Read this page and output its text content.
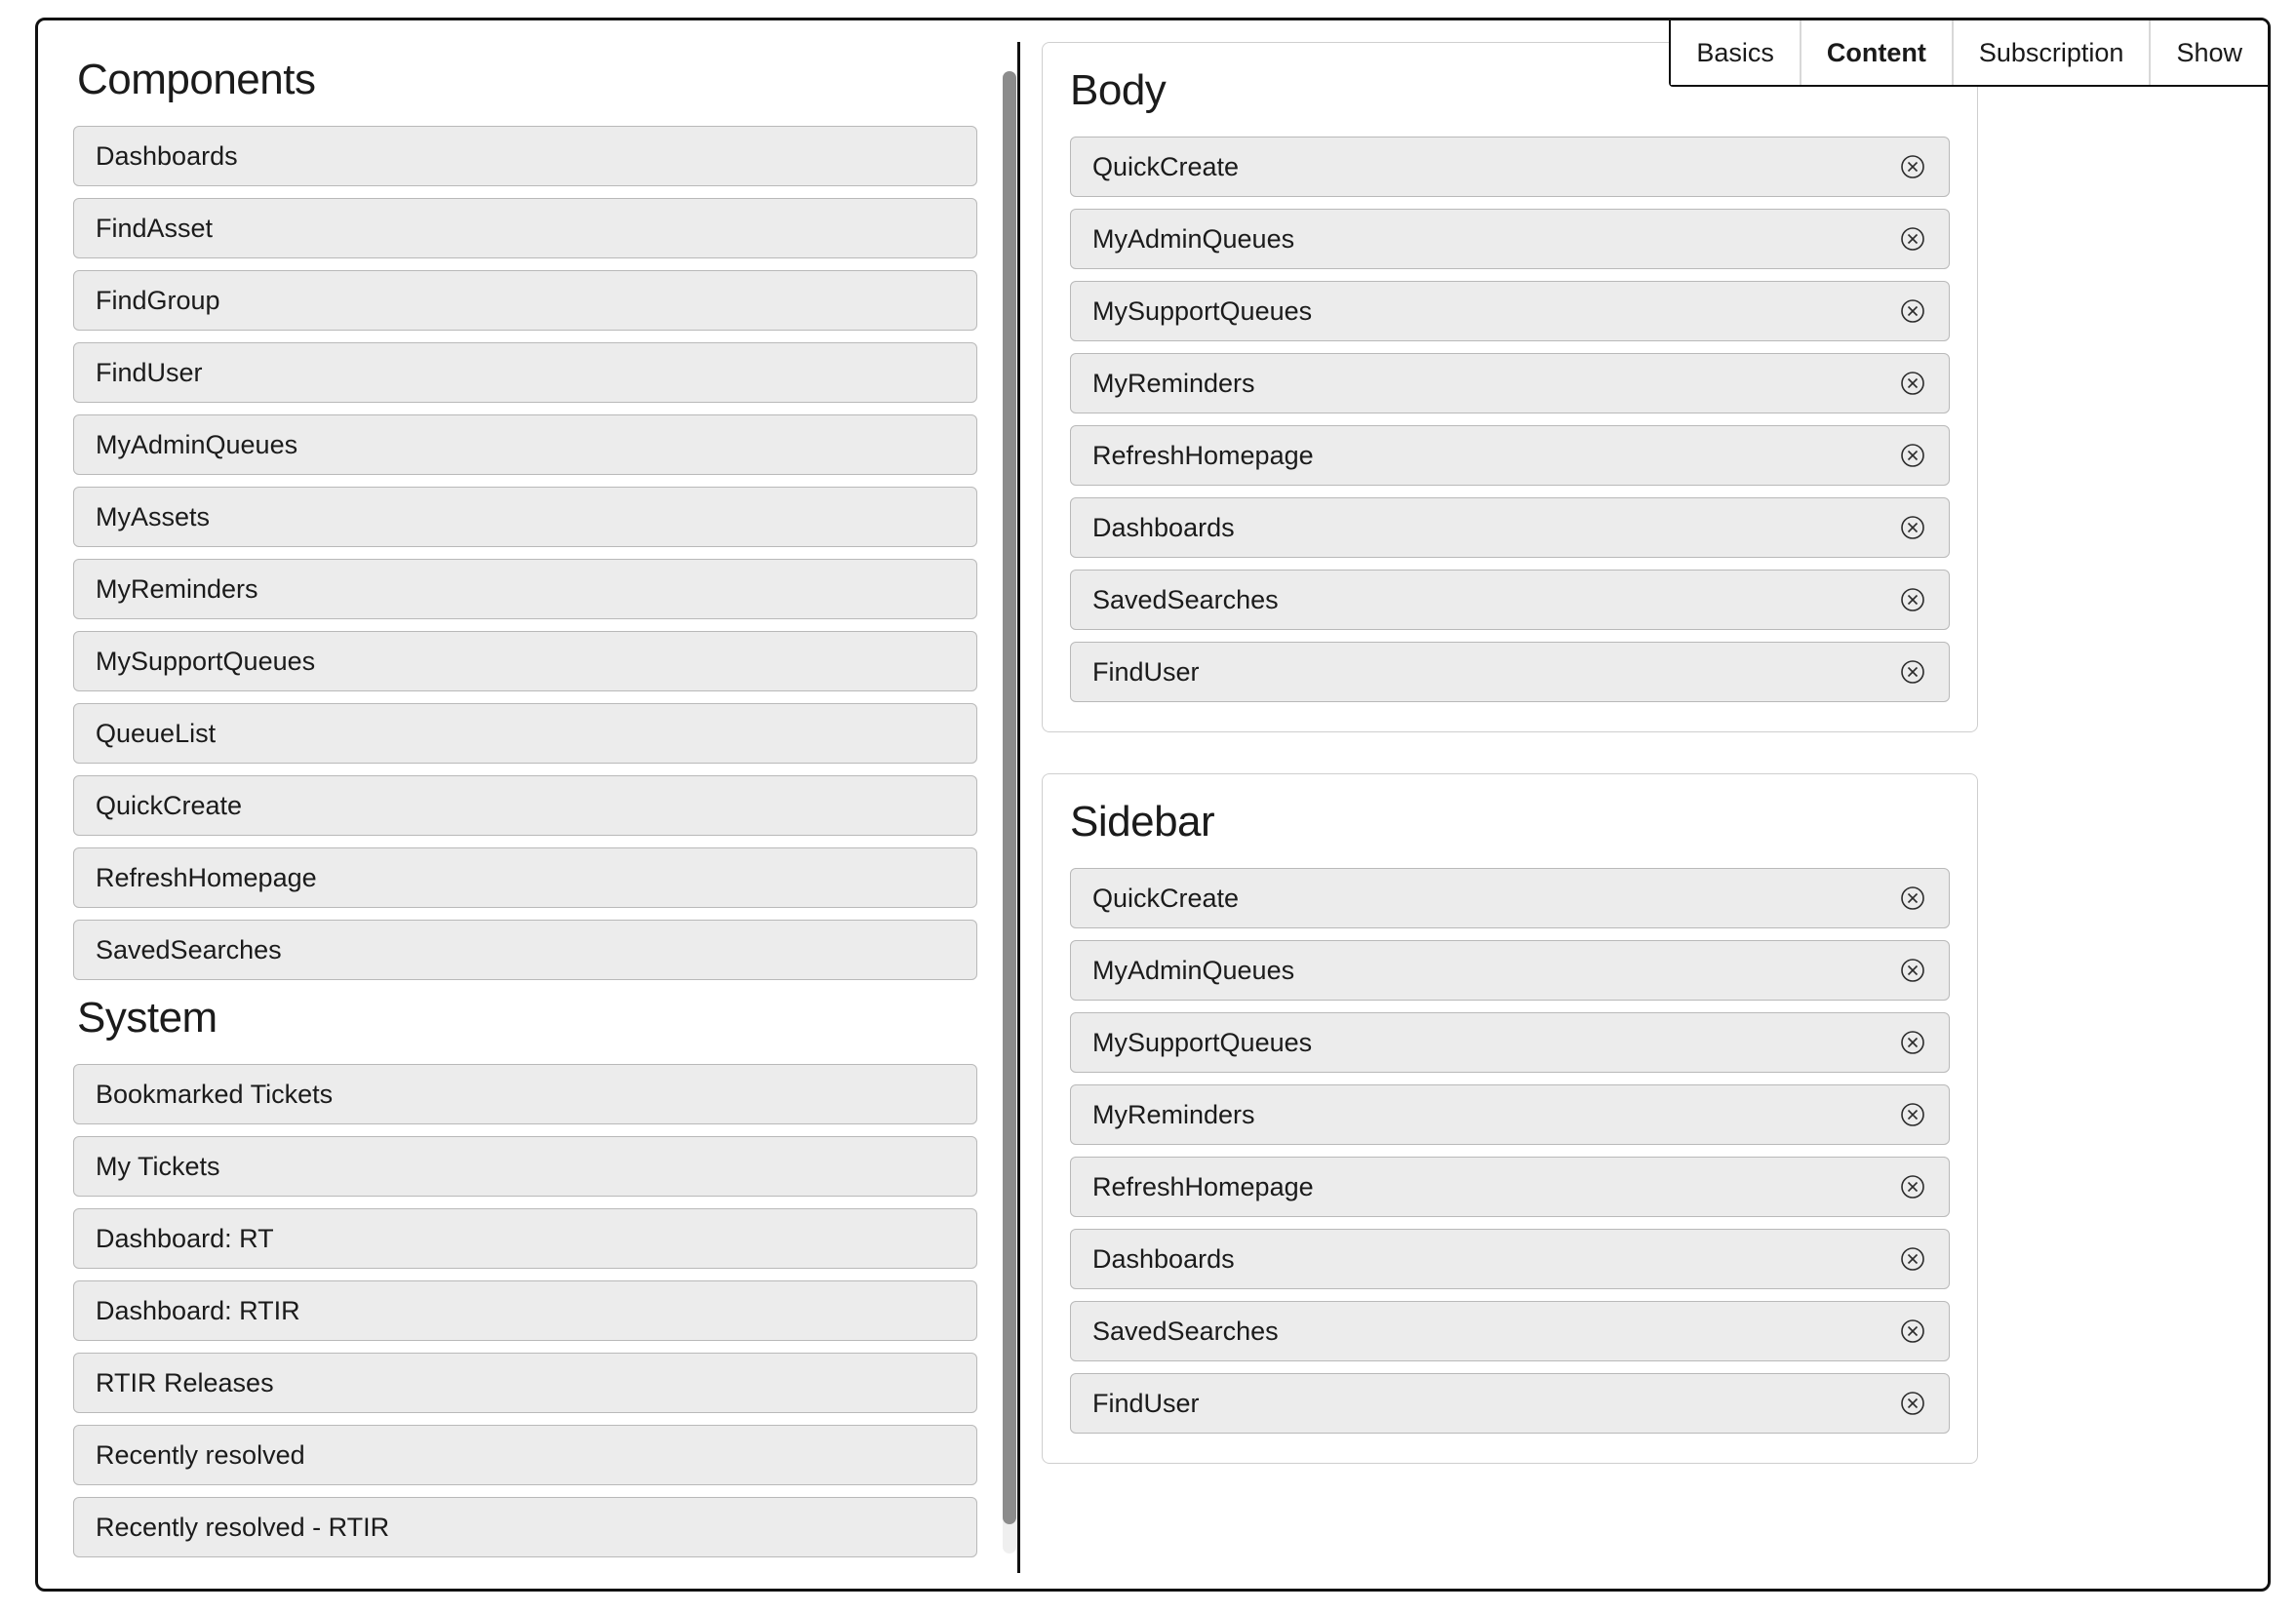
Components
Dashboards
FindAsset
FindGroup
FindUser
MyAdminQueues
MyAssets
MyReminders
MySupportQueues
QueueList
QuickCreate
RefreshHomepage
SavedSearches
System
Bookmarked Tickets
My Tickets
Dashboard: RT
Dashboard: RTIR
RTIR Releases
Recently resolved
Recently resolved - RTIR
Body
QuickCreate
MyAdminQueues
MySupportQueues
MyReminders
RefreshHomepage
Dashboards
SavedSearches
FindUser
Sidebar
QuickCreate
MyAdminQueues
MySupportQueues
MyReminders
RefreshHomepage
Dashboards
SavedSearches
FindUser
Basics Content Subscription Show
